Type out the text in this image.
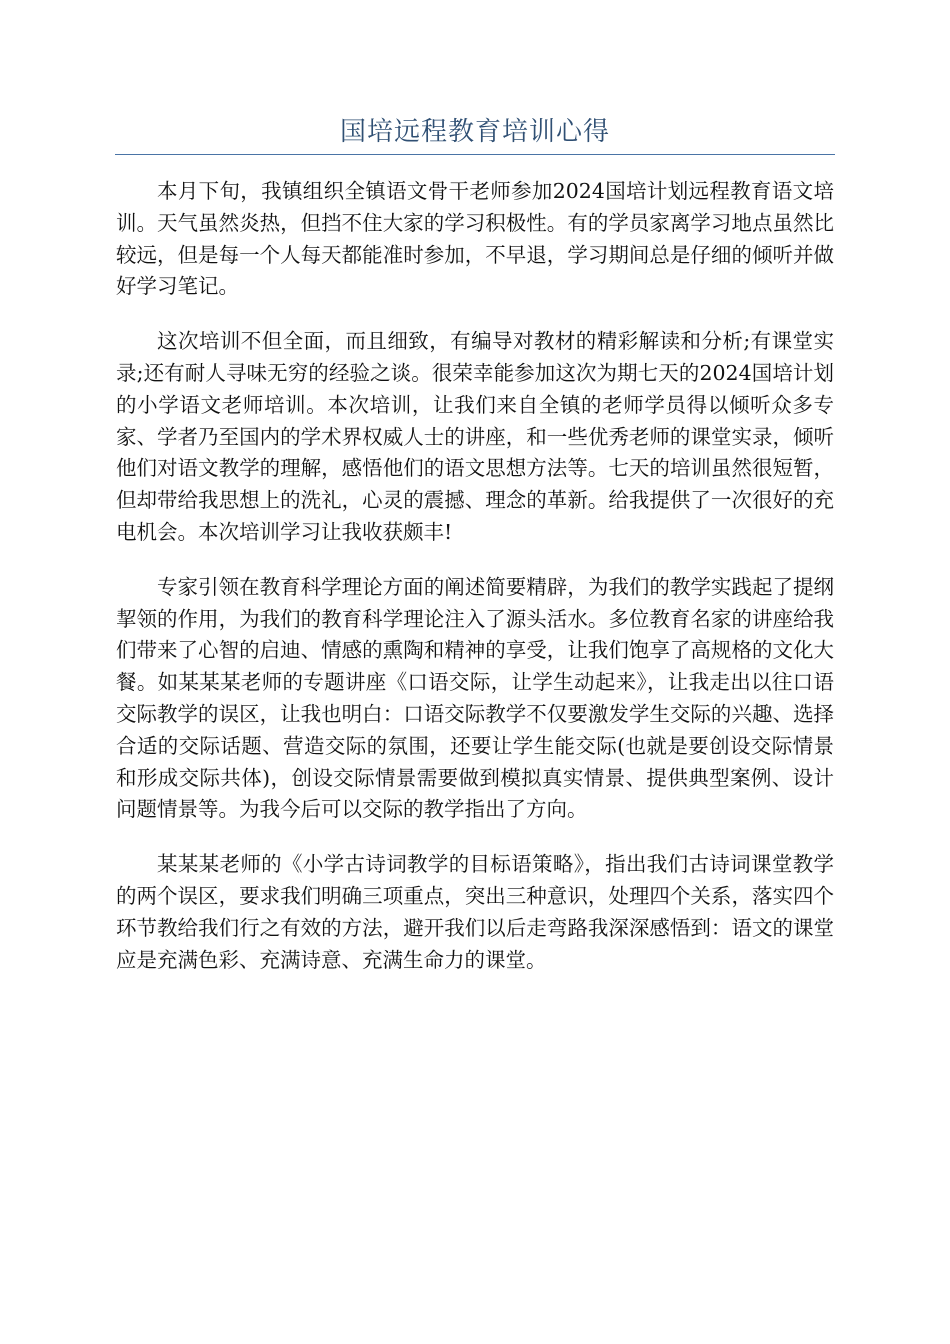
国培远程教育培训心得

本月下旬，我镇组织全镇语文骨干老师参加2024国培计划远程教育语文培训。天气虽然炎热，但挡不住大家的学习积极性。有的学员家离学习地点虽然比较远，但是每一个人每天都能准时参加，不早退，学习期间总是仔细的倾听并做好学习笔记。

这次培训不但全面，而且细致，有编导对教材的精彩解读和分析;有课堂实录;还有耐人寻味无穷的经验之谈。很荣幸能参加这次为期七天的2024国培计划的小学语文老师培训。本次培训，让我们来自全镇的老师学员得以倾听众多专家、学者乃至国内的学术界权威人士的讲座，和一些优秀老师的课堂实录，倾听他们对语文教学的理解，感悟他们的语文思想方法等。七天的培训虽然很短暂，但却带给我思想上的洗礼，心灵的震撼、理念的革新。给我提供了一次很好的充电机会。本次培训学习让我收获颇丰!

专家引领在教育科学理论方面的阐述简要精辟，为我们的教学实践起了提纲挈领的作用，为我们的教育科学理论注入了源头活水。多位教育名家的讲座给我们带来了心智的启迪、情感的熏陶和精神的享受，让我们饱享了高规格的文化大餐。如某某某老师的专题讲座《口语交际，让学生动起来》，让我走出以往口语交际教学的误区，让我也明白：口语交际教学不仅要激发学生交际的兴趣、选择合适的交际话题、营造交际的氛围，还要让学生能交际(也就是要创设交际情景和形成交际共体)，创设交际情景需要做到模拟真实情景、提供典型案例、设计问题情景等。为我今后可以交际的教学指出了方向。

某某某老师的《小学古诗词教学的目标语策略》，指出我们古诗词课堂教学的两个误区，要求我们明确三项重点，突出三种意识，处理四个关系，落实四个环节教给我们行之有效的方法，避开我们以后走弯路我深深感悟到：语文的课堂应是充满色彩、充满诗意、充满生命力的课堂。
